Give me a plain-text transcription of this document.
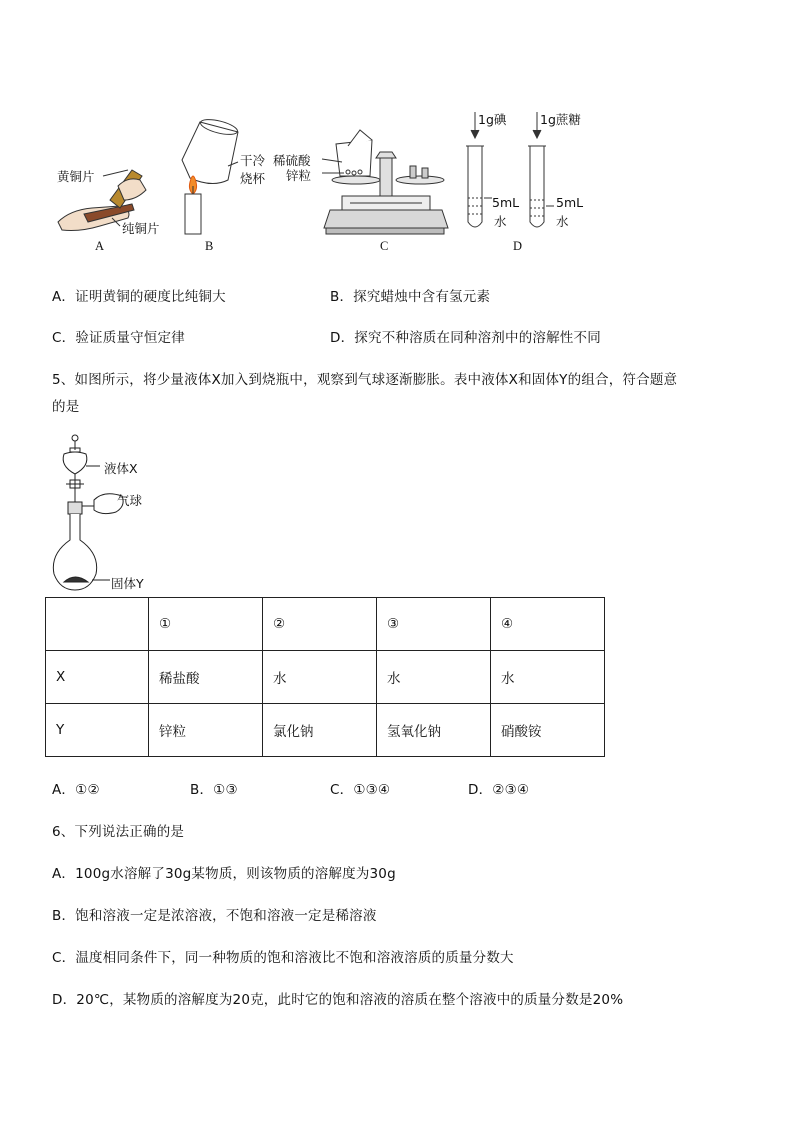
黄铜片
纯铜片
A
干冷
烧杯
B
稀硫酸
锌粒
C
1g碘	1g蔗糖
5mL
水
5mL
水
D
A．证明黄铜的硬度比纯铜大	B．探究蜡烛中含有氢元素
C．验证质量守恒定律	D．探究不种溶质在同种溶剂中的溶解性不同
5、如图所示，将少量液体X加入到烧瓶中，观察到气球逐渐膨胀。表中液体X和固体Y的组合，符合题意
的是
液体X
气球
固体Y
	①	②	③	④
X	稀盐酸	水	水	水
Y	锌粒	氯化钠	氢氧化钠	硝酸铵
A．①②	B．①③	C．①③④	D．②③④
6、下列说法正确的是
A．100g水溶解了30g某物质，则该物质的溶解度为30g
B．饱和溶液一定是浓溶液，不饱和溶液一定是稀溶液
C．温度相同条件下，同一种物质的饱和溶液比不饱和溶液溶质的质量分数大
D．20℃，某物质的溶解度为20克，此时它的饱和溶液的溶质在整个溶液中的质量分数是20%
